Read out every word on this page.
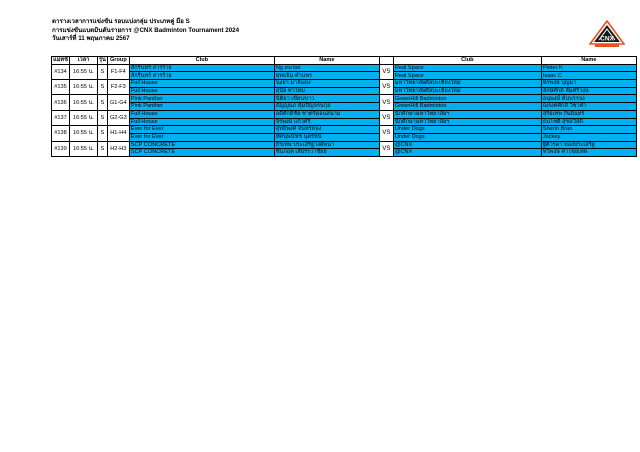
ตารางเวลาการแข่งขัน รอบแบ่งกลุ่ม ประเภทคู่ มือ S
การแข่งขันแบดมินตันรายการ @CNX Badminton Tournament 2024
วันเสาร์ที่ 11 พฤษภาคม 2567	CNX
แมทช์	เวลา	รุ่น	Group	Club	Name		Club	Name
#134	16:55 น.	S	F1-F4	สักรีนทร์ สารร้าย	Ng siu kei	VS	Real Space	Pieter K
				สักรีนทร์ สารร้าย	ยุทธยิน คำแพร		Real Space	Isaac C
#135	16:55 น.	S	F2-F3	Full House	นงยา มาลีแดง	VS	มหาวิทยาลัยศิลปะเชียงใหม่	พีรพงษ์ บุญมา
				Full House	สุนัย ทาไหม		มหาวิทยาลัยศิลปะเชียงใหม่	ลักษิศักดิ์ ส้มศรีวงษ์
#136	16:55 น.	S	G1-G4	Pink Panther	นิติยา เขียนขาว	VS	GreenHill Badminton	อนุพงษ์ ต้นบรรจง
				Pink Panther	ธัญญนภ คุ้มปัญจรนกุล		GreenHill Badminton	ณรงค์ศักดิ์ วิชาคำ
#137	16:55 น.	S	G2-G3	Full House	อดิศักดิ์ชัย ชาตรีดอนสนาม	VS	นักศึกษามหาวิทยาลัยฯ	สุริยเทพ กันยินทร์
				Full House	จิรพงษ์ แก้วศรี		นักศึกษามหาวิทยาลัยฯ	ธนโชติ สุขสวัสดิ์
#138	16:55 น.	S	H1-H4	Ever for Ever	สุทธิพงศ์ จันทร์ทอง	VS	Under Dogs	Sherin Bran
				Ever for Ever	ทัศนุพนัชช์ นุตรัชนี		Under Dogs	Jackey
#139	16:55 น.	S	H2-H3	SCP CONCRETE	ธีรเทพ ประเสริฐวงศ์พนา	VS	@CNX	ฐิติวรดา ทองประเสริฐ
				SCP CONCRETE	ชินกฤต เสียรรวาชัยย์		@CNX	ทวีพงษ์ ค่าไชยเทพ
